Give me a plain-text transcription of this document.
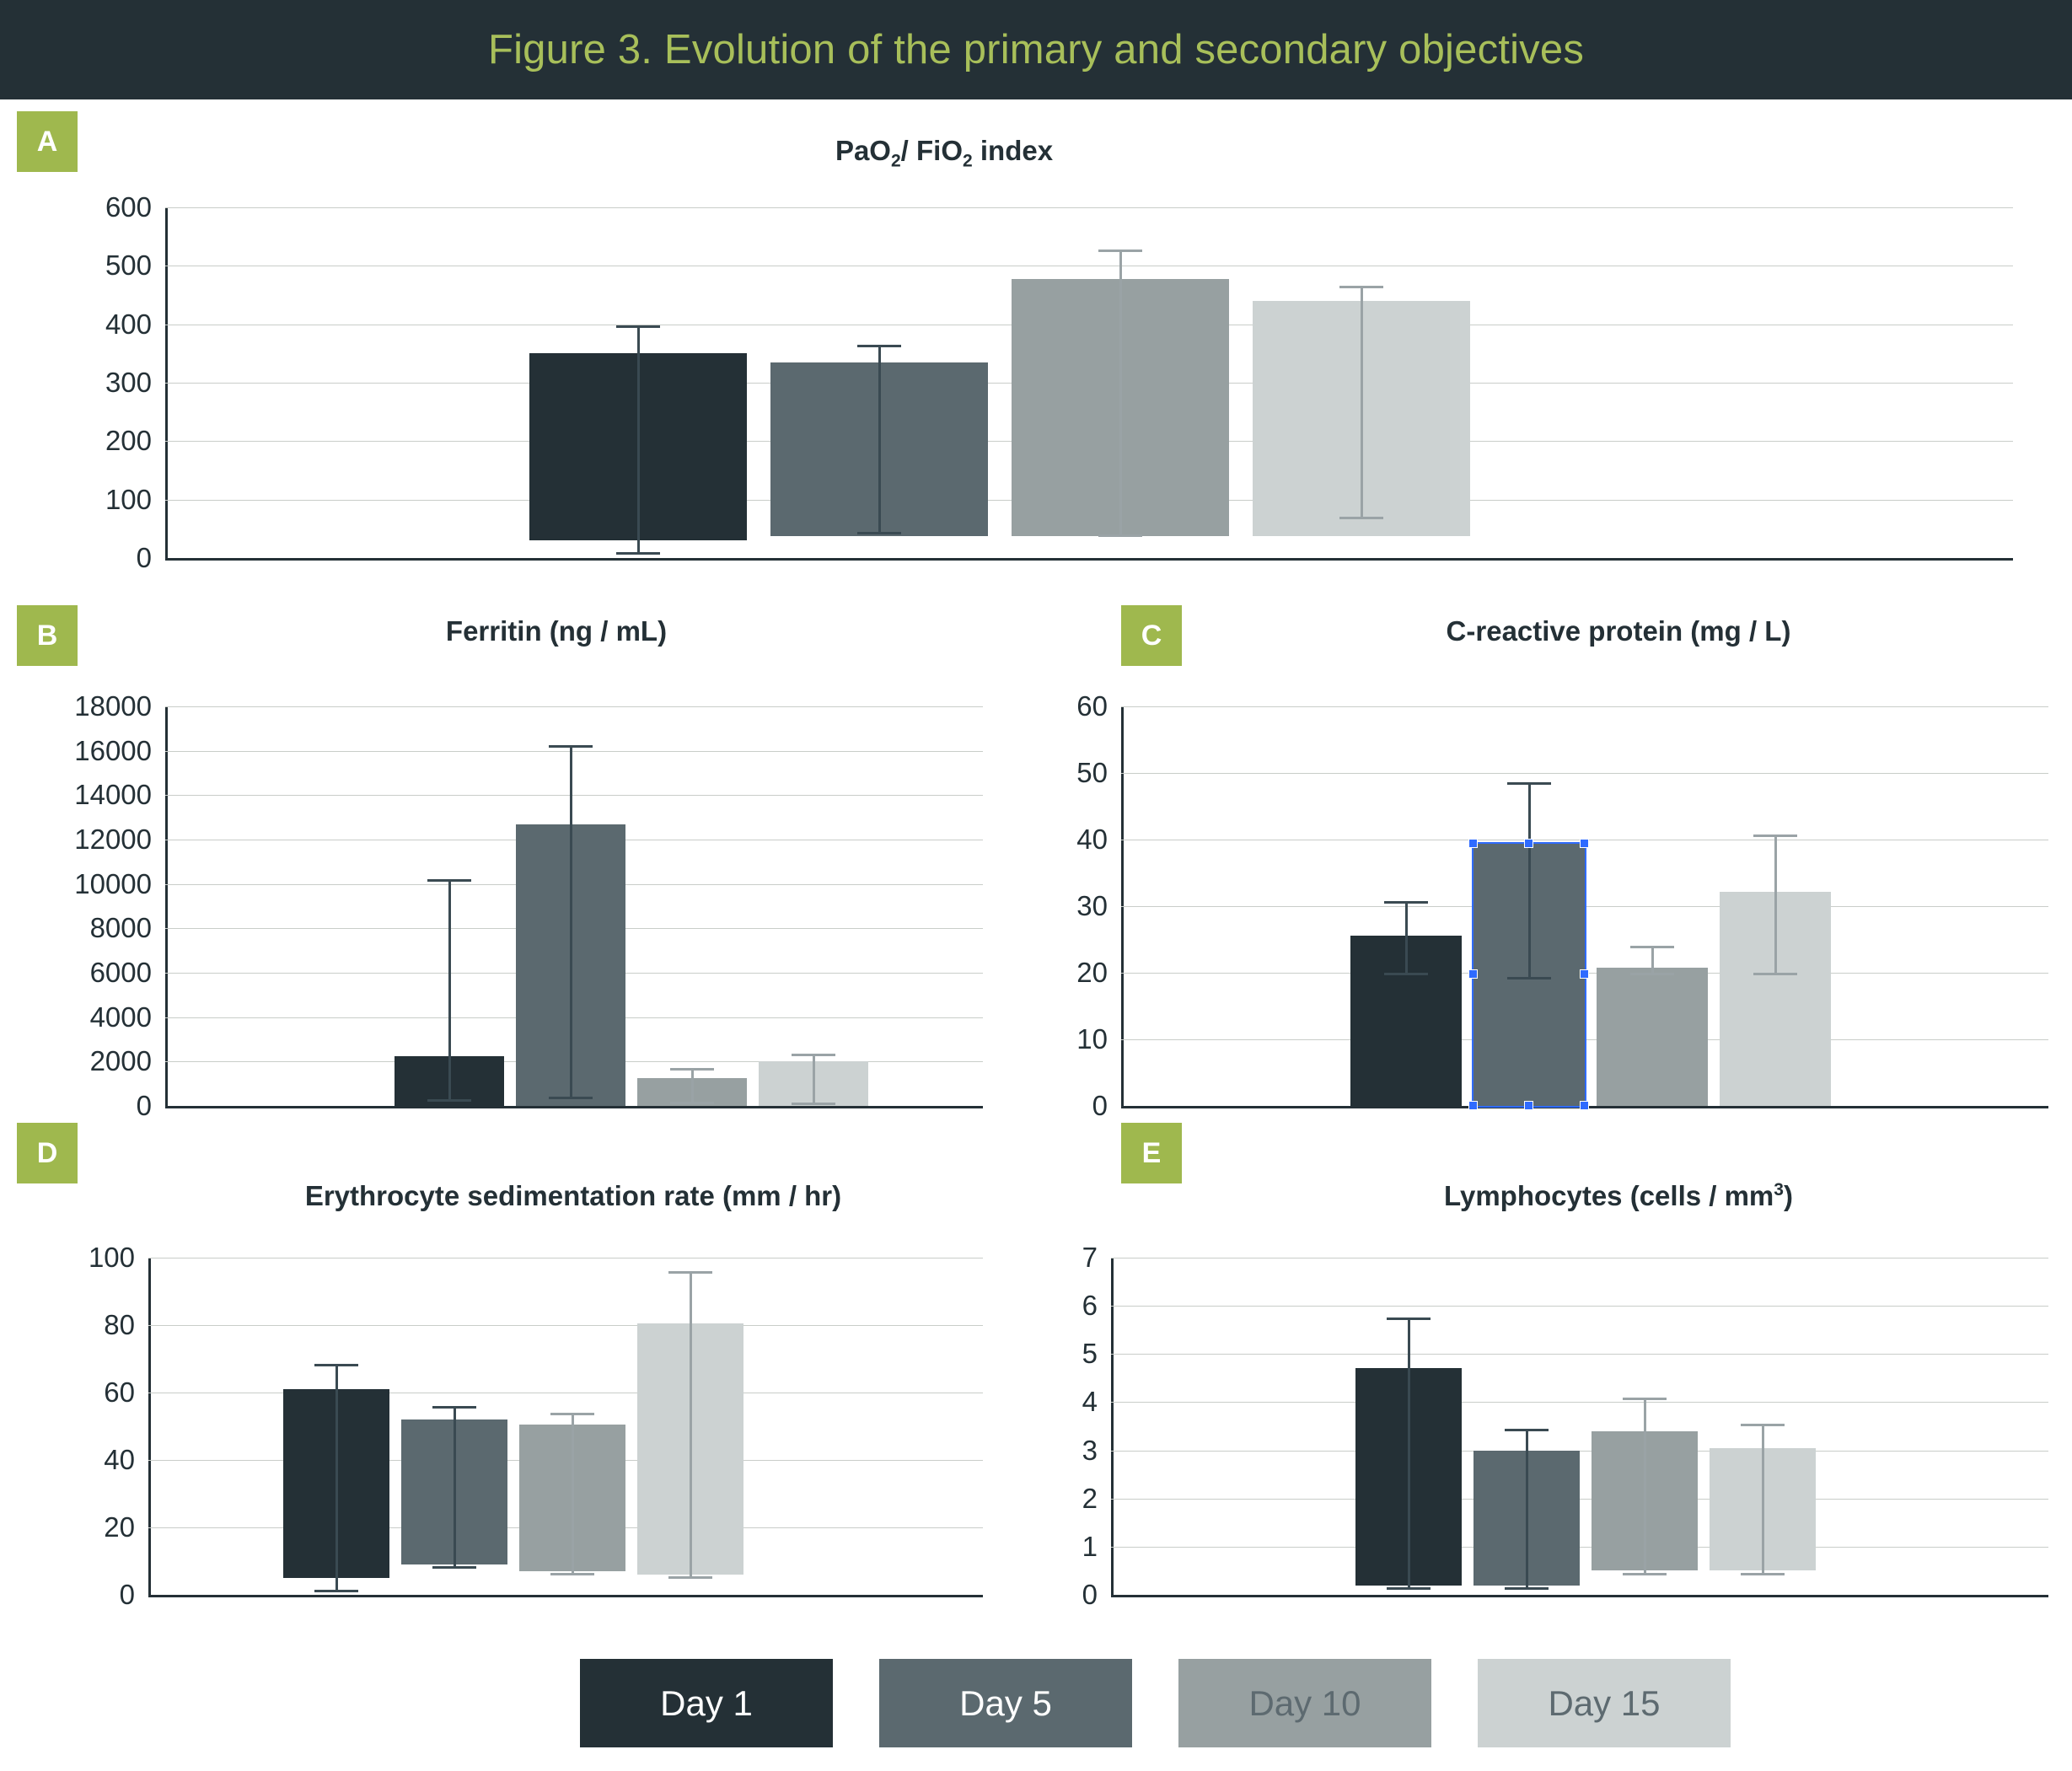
Figure 3. Evolution of the primary and secondary objectives
A	PaO$_2$/ FiO$_2$ index
0
100
200
300
400
500
600
B	Ferritin (ng / mL)
0
2000
4000
6000
8000
10000
12000
14000
16000
18000
C	C-reactive protein (mg / L)
0
10
20
30
40
50
60
D
Erythrocyte sedimentation rate (mm / hr)
0
20
40
60
80
100
E
Lymphocytes (cells / $mm^3$)
0
1
2
3
4
5
6
7
Day 1	Day 5	Day 10	Day 15
